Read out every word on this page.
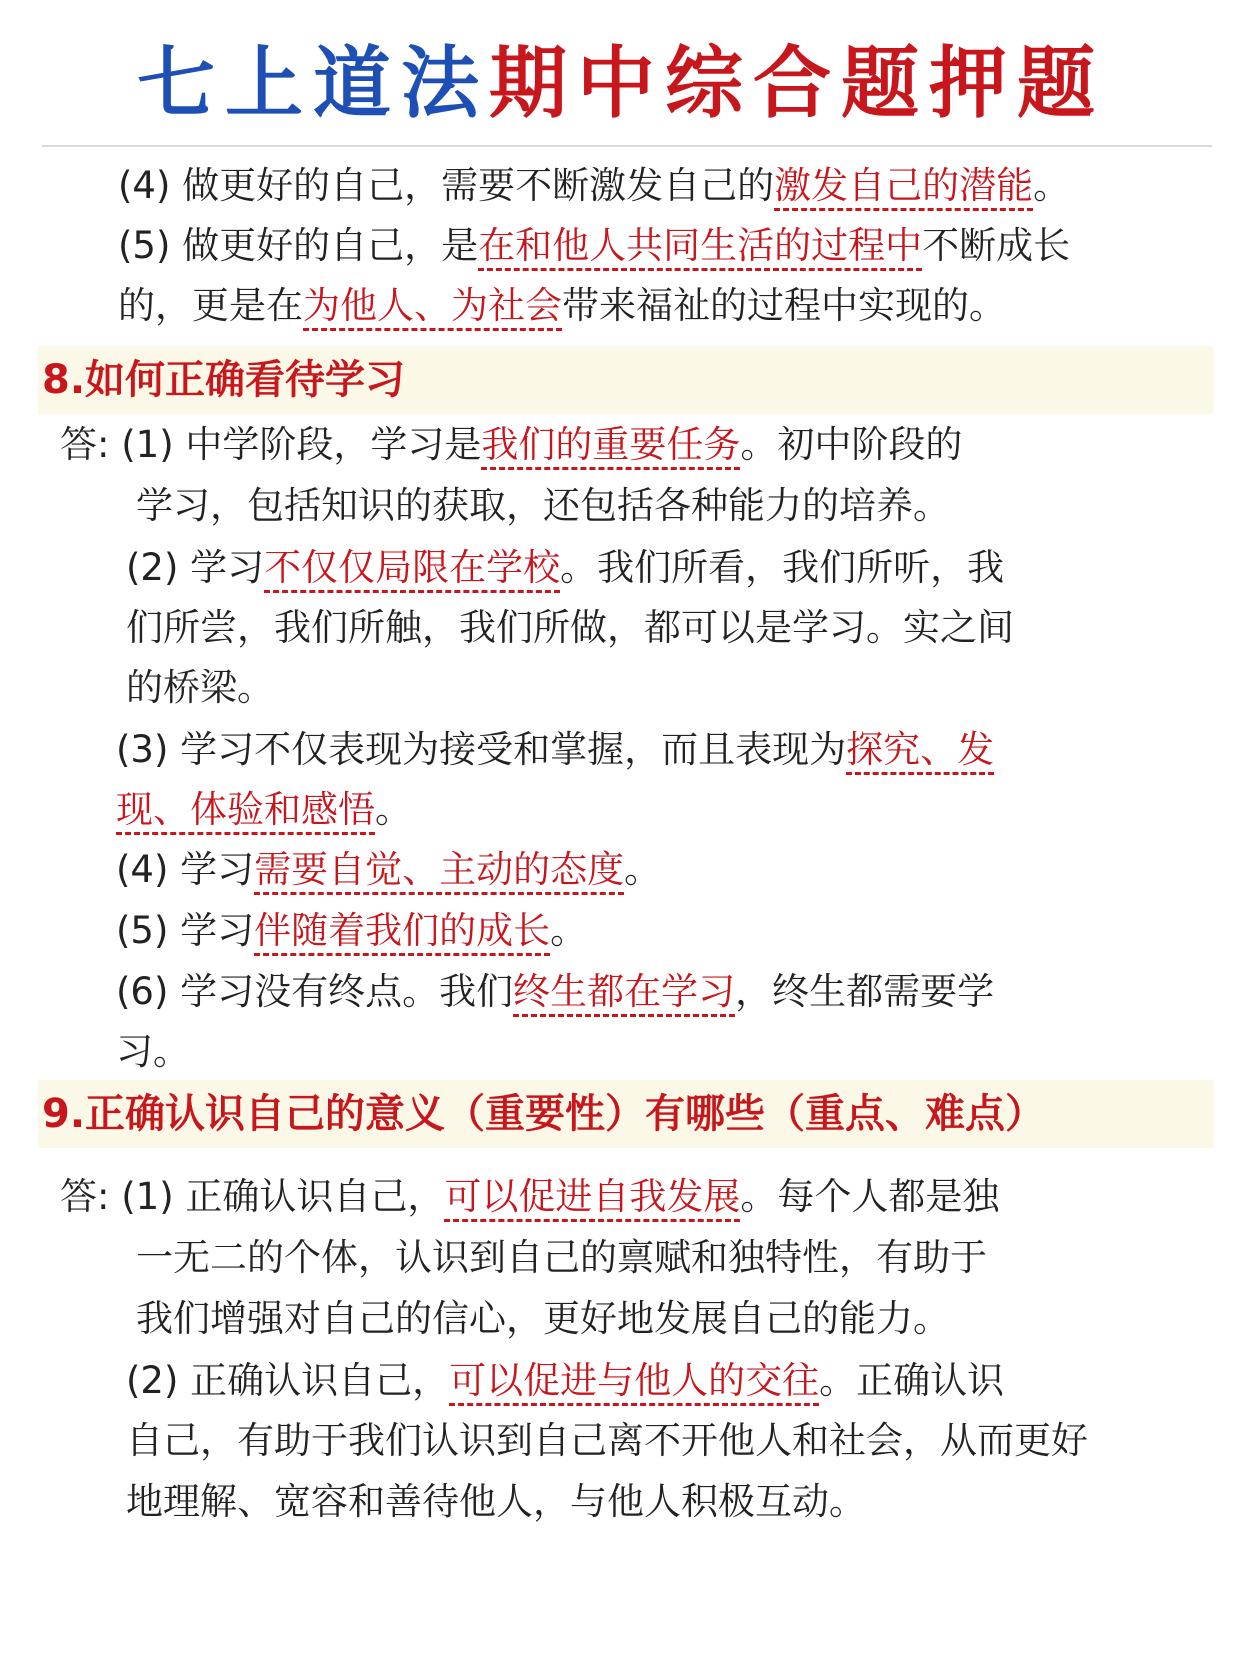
七上道法期中综合题押题
(4) 做更好的自己，需要不断激发自己的激发自己的潜能。
(5) 做更好的自己，是在和他人共同生活的过程中不断成长
的，更是在为他人、为社会带来福祉的过程中实现的。
8.如何正确看待学习
答: (1) 中学阶段，学习是我们的重要任务。初中阶段的
学习，包括知识的获取，还包括各种能力的培养。
(2) 学习不仅仅局限在学校。我们所看，我们所听，我
们所尝，我们所触，我们所做，都可以是学习。实之间
的桥梁。
(3) 学习不仅表现为接受和掌握，而且表现为探究、发
现、体验和感悟。
(4) 学习需要自觉、主动的态度。
(5) 学习伴随着我们的成长。
(6) 学习没有终点。我们终生都在学习，终生都需要学
习。
9.正确认识自己的意义（重要性）有哪些（重点、难点）
答: (1) 正确认识自己，可以促进自我发展。每个人都是独
一无二的个体，认识到自己的禀赋和独特性，有助于
我们增强对自己的信心，更好地发展自己的能力。
(2) 正确认识自己，可以促进与他人的交往。正确认识
自己，有助于我们认识到自己离不开他人和社会，从而更好
地理解、宽容和善待他人，与他人积极互动。
